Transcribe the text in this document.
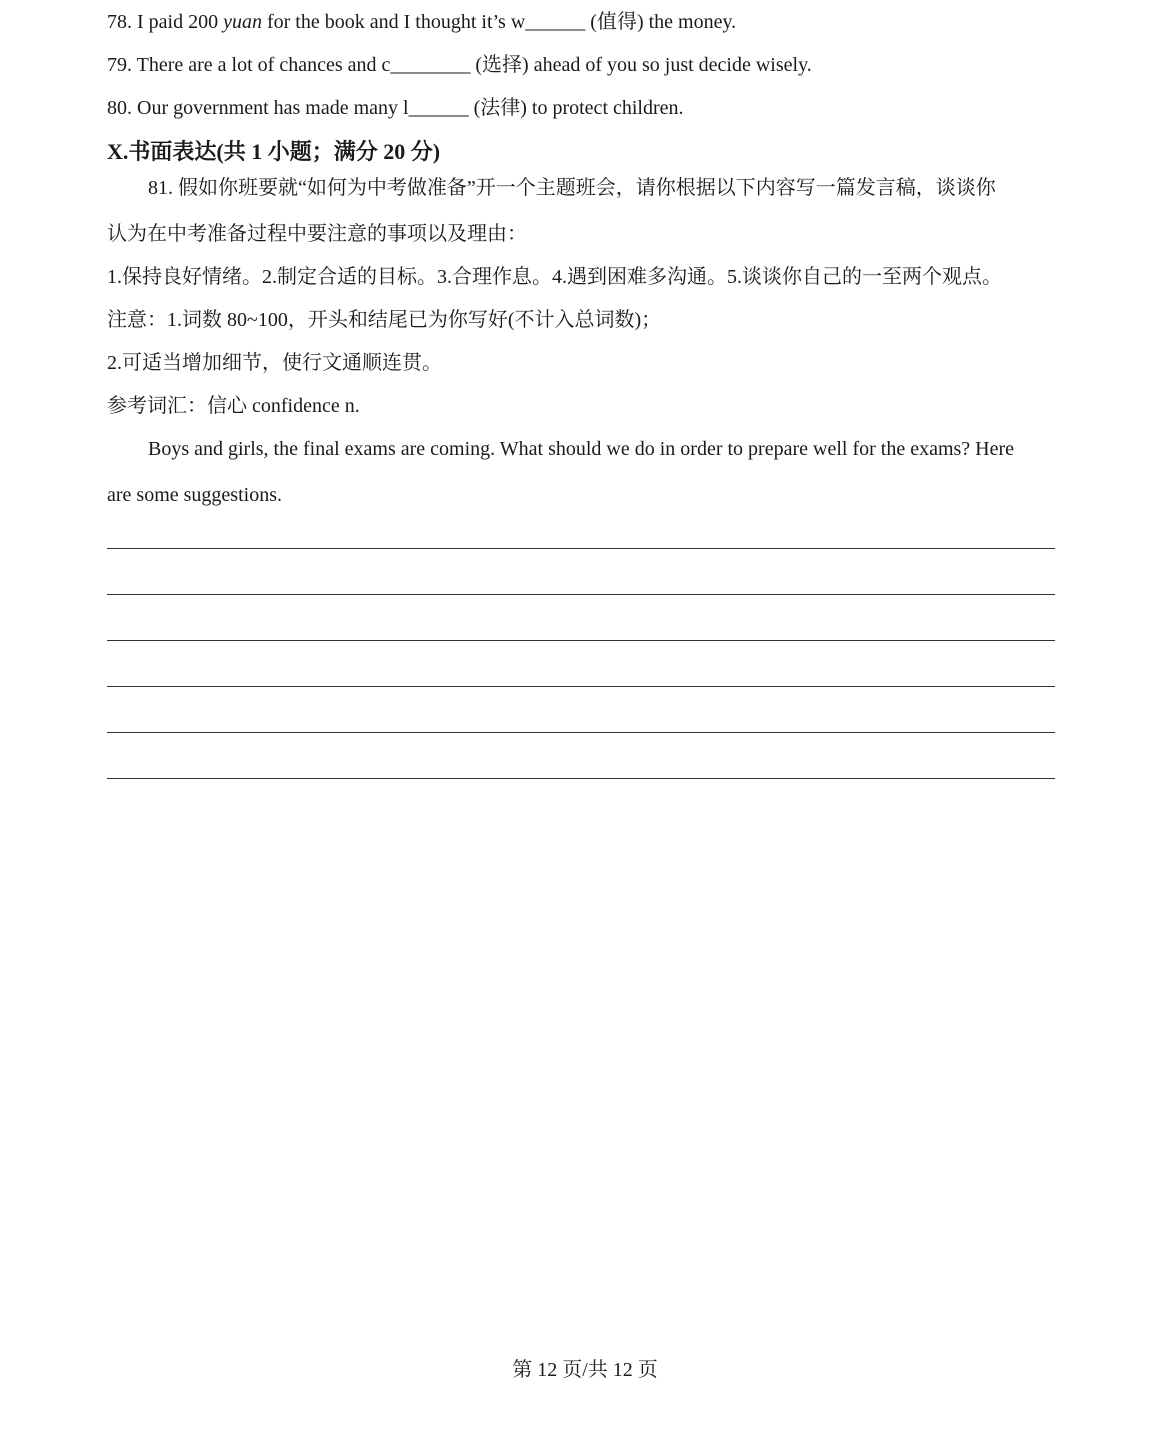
78. I paid 200 yuan for the book and I thought it’s w______ (值得) the money.
79. There are a lot of chances and c________ (选择) ahead of you so just decide wisely.
80. Our government has made many l______ (法律) to protect children.
X.书面表达(共 1 小题；满分 20 分)
81. 假如你班要就“如何为中考做准备”开一个主题班会，请你根据以下内容写一篇发言稿，谈谈你
认为在中考准备过程中要注意的事项以及理由：
1.保持良好情绪。2.制定合适的目标。3.合理作息。4.遇到困难多沟通。5.谈谈你自己的一至两个观点。
注意：1.词数 80~100，开头和结尾已为你写好(不计入总词数)；
2.可适当增加细节，使行文通顺连贯。
参考词汇：信心 confidence n.
Boys and girls, the final exams are coming. What should we do in order to prepare well for the exams? Here
are some suggestions.
第 12 页/共 12 页
